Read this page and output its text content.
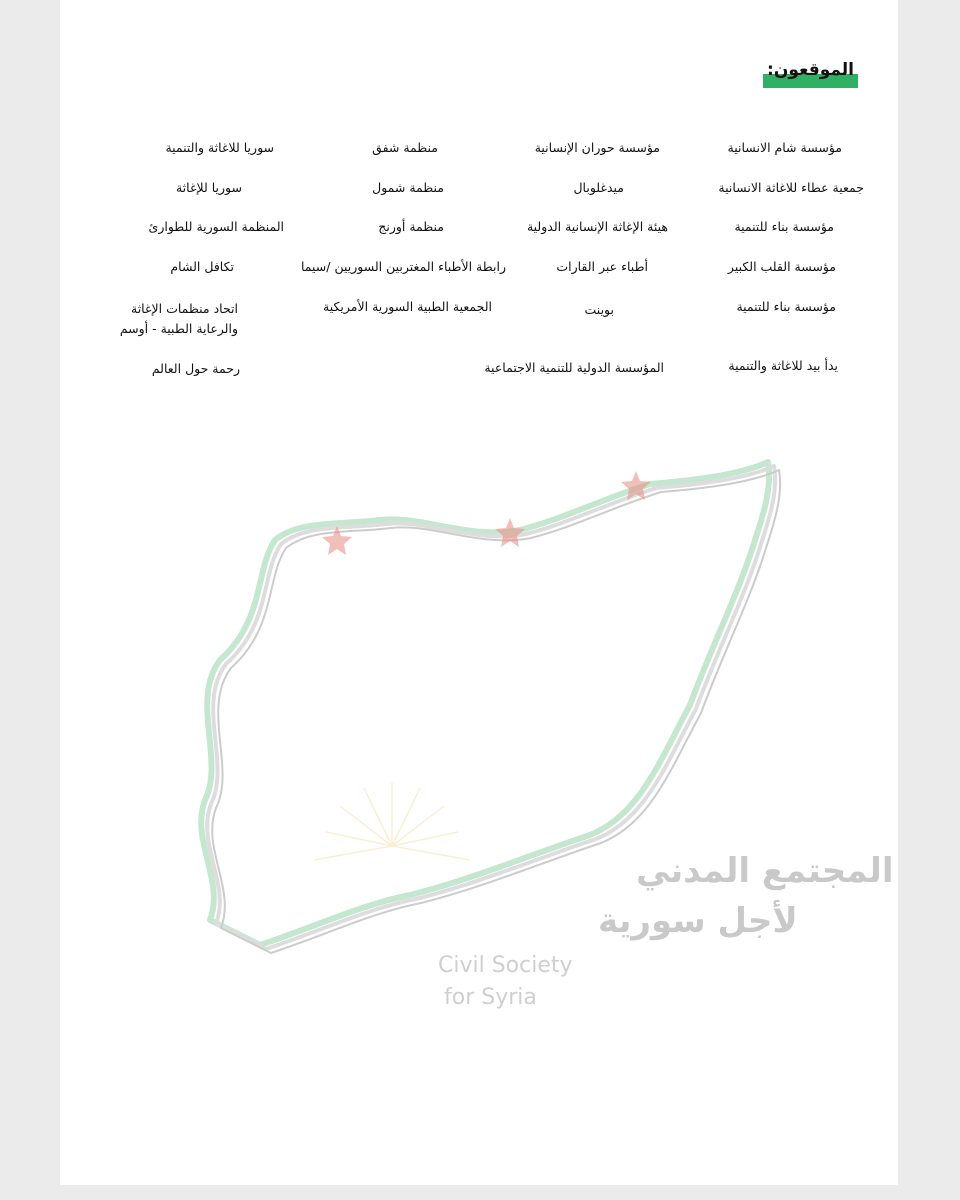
المجتمع المدني
لأجل سورية
Civil Society
for Syria
الموقعون:
مؤسسة شام الانسانية
جمعية عطاء للاغاثة الانسانية
مؤسسة بناء للتنمية
مؤسسة القلب الكبير
مؤسسة بناء للتنمية
يدأ بيد للاغاثة والتنمية
مؤسسة حوران الإنسانية
ميدغلوبال
هيئة الإغاثة الإنسانية الدولية
أطباء عبر القارات
بوينت
المؤسسة الدولية للتنمية الاجتماعية
منظمة شفق
منظمة شمول
منظمة أورنج
رابطة الأطباء المغتربين السوريين /سيما
الجمعية الطبية السورية الأمريكية
سوريا للاغاثة والتنمية
سوريا للإغاثة
المنظمة السورية للطوارئ
تكافل الشام
اتحاد منظمات الإغاثة
والرعاية الطبية - أوسم
رحمة حول العالم
